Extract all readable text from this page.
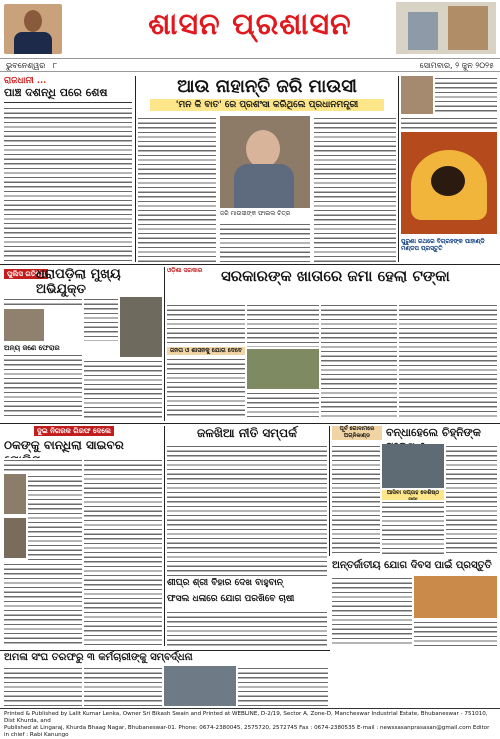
ଶାସନ ପ୍ରଶାସନ
ଭୁବନେଶ୍ୱର ୮	ସୋମବାର, ୨ ଜୁନ ୨୦୨୫
ରାଜଧାନୀ ...
ପାଞ୍ଚ ଦଶନ୍ଧି ପରେ ଶେଷ	ଆଉ ନାହାନ୍ତି ଜରି ମାଉସୀ
'ମନ କି ବାତ' ରେ ପ୍ରଶଂସା କରିଥିଲେ ପ୍ରଧାନମନ୍ତ୍ରୀ
ଜରି ମାଉସୀଙ୍କ ଫାଇଲ ଚିତ୍ର
ପୁରୁଣା ରଥରେ ବିଗ୍ରହଙ୍କ ପାହାଣ୍ଡି ମଣ୍ଡପ ପ୍ରସ୍ତୁତି
ପୁଲିସ ଗତିବିଧି
ଧରାପଡ଼ିଲା ମୁଖ୍ୟ ଅଭିଯୁକ୍ତ
ଅନ୍ୟ ଜଣେ ଫେରାର
ଓଡ଼ିଶା ସରକାର	ସରକାରଙ୍କ ଖାତାରେ ଜମା ହେଲା ଟଙ୍କା
ଜନତା ଓ ଶାସନକୁ ଯୋଗ ଦେବେ
ଦୁଇ ନିଗରକ ଗିରଫ ଦେଲେ
ଠକଙ୍କୁ ବାନ୍ଧିଲା ସାଇବର
ଜଳଖିଆ ନୀତି ସମ୍ପର୍କ
ଶୀଘ୍ର ଶ୍ରୀ ବିହାର ଦେଖ ବାହୁବାନ୍
ଫସଲ ଧଳାରେ ଯୋଗ ପରଖିବେ ଚାଷୀ
ପୂର୍ବ ଗୋଦାମରେ ଅଗ୍ନିକାଣ୍ଡ	ବନ୍ଧାହେଲେ ଚିହ୍ନିଙ୍କ
ଆସିବା ସପ୍ତାହ ଦେଶିଷ୍ଠ
ଅନ୍ତର୍ଜାତୀୟ ଯୋଗ ଦିବସ ପାଇଁ ପ୍ରସ୍ତୁତି
ଅମଳା ସଂଘ ତରଫରୁ ୩ କର୍ମଚାରୀଙ୍କୁ ସମ୍ବର୍ଦ୍ଧନା
Printed & Published by Lalit Kumar Lenka, Owner Sri Bikash Swain and Printed at WEBLINE, D-2/19, Sector A, Zone-D, Mancheswar Industrial Estate, Bhubaneswar - 751010, Dist Khurda, and
Published at Lingaraj, Khurda Bhaag Nagar, Bhubaneswar-01. Phone: 0674-2380045, 2575720, 2572745 Fax : 0674-2380535 E-mail : newssasanprasasan@gmail.com Editor in chief : Rabi Kanungo
